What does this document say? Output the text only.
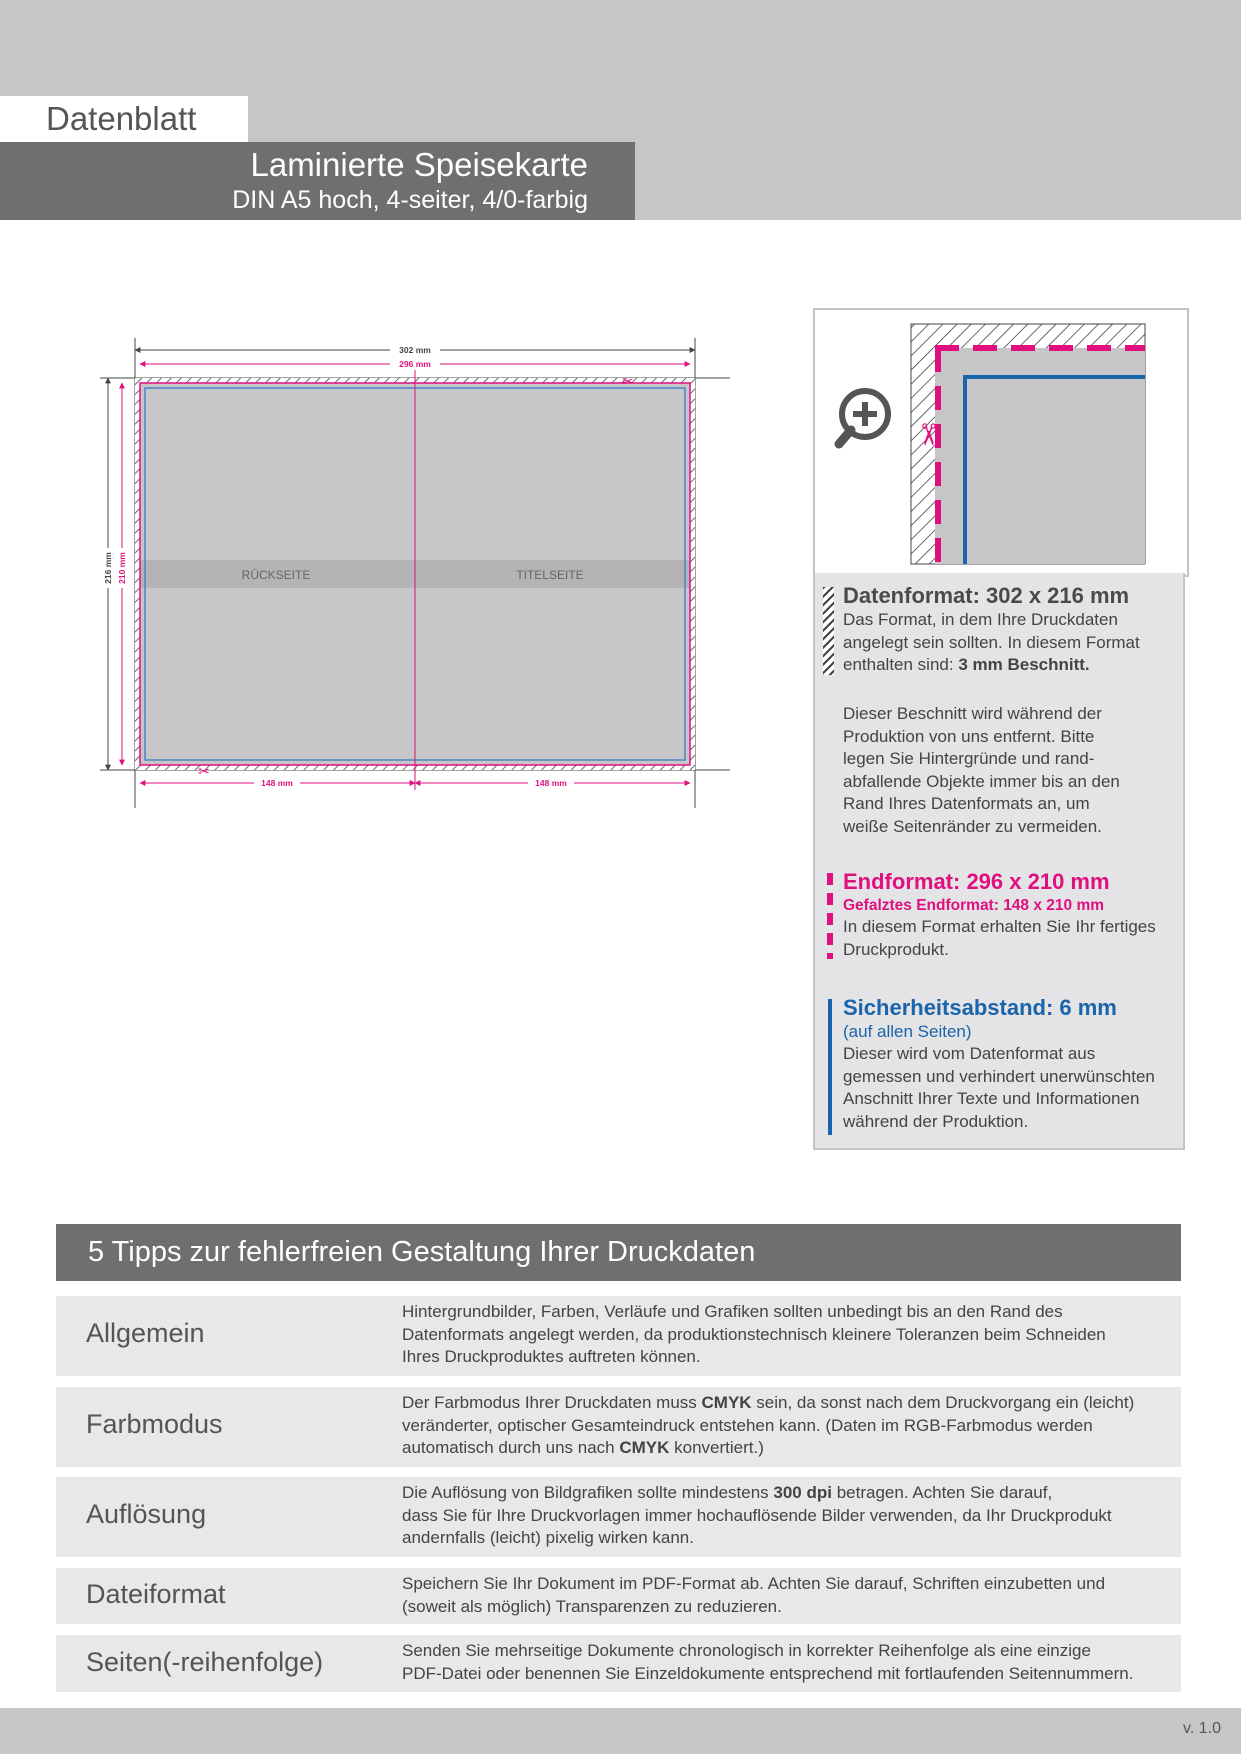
Datenblatt
Laminierte Speisekarte
DIN A5 hoch, 4-seiter, 4/0-farbig
RÜCKSEITE	TITELSEITE
302 mm
296 mm
216 mm 210 mm
148 mm	148 mm
✂
✂
✂
Datenformat: 302 x 216 mm
Das Format, in dem Ihre Druckdaten
angelegt sein sollten. In diesem Format
enthalten sind: 3 mm Beschnitt.
Dieser Beschnitt wird während der
Produktion von uns entfernt. Bitte
legen Sie Hintergründe und rand-
abfallende Objekte immer bis an den
Rand Ihres Datenformats an, um
weiße Seitenränder zu vermeiden.
Endformat: 296 x 210 mm
Gefalztes Endformat: 148 x 210 mm
In diesem Format erhalten Sie Ihr fertiges
Druckprodukt.
Sicherheitsabstand: 6 mm
(auf allen Seiten)
Dieser wird vom Datenformat aus
gemessen und verhindert unerwünschten
Anschnitt Ihrer Texte und Informationen
während der Produktion.
5 Tipps zur fehlerfreien Gestaltung Ihrer Druckdaten
Allgemein
Hintergrundbilder, Farben, Verläufe und Grafiken sollten unbedingt bis an den Rand des
Datenformats angelegt werden, da produktionstechnisch kleinere Toleranzen beim Schneiden
Ihres Druckproduktes auftreten können.
Farbmodus
Der Farbmodus Ihrer Druckdaten muss CMYK sein, da sonst nach dem Druckvorgang ein (leicht)
veränderter, optischer Gesamteindruck entstehen kann. (Daten im RGB-Farbmodus werden
automatisch durch uns nach CMYK konvertiert.)
Auflösung
Die Auflösung von Bildgrafiken sollte mindestens 300 dpi betragen. Achten Sie darauf,
dass Sie für Ihre Druckvorlagen immer hochauflösende Bilder verwenden, da Ihr Druckprodukt
andernfalls (leicht) pixelig wirken kann.
Dateiformat	Speichern Sie Ihr Dokument im PDF-Format ab. Achten Sie darauf, Schriften einzubetten und
(soweit als möglich) Transparenzen zu reduzieren.
Seiten(-reihenfolge)	Senden Sie mehrseitige Dokumente chronologisch in korrekter Reihenfolge als eine einzige
PDF-Datei oder benennen Sie Einzeldokumente entsprechend mit fortlaufenden Seitennummern.
v. 1.0
